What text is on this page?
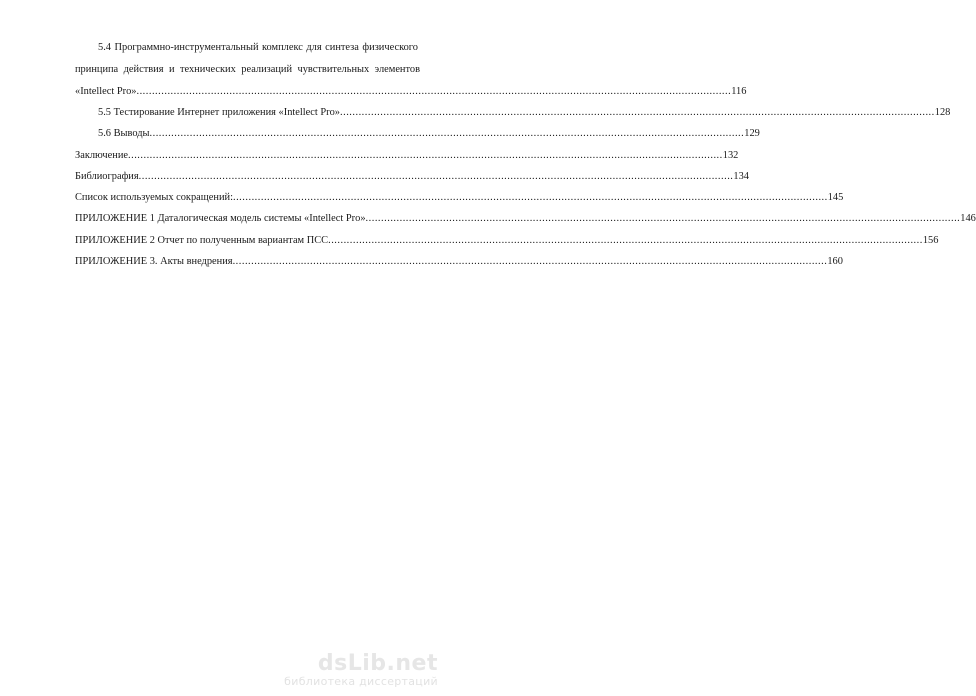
5.4 Программно-инструментальный комплекс для синтеза физического
принципа действия и технических реализаций чувствительных элементов
«Intellect Pro» .....	116
5.5 Тестирование Интернет приложения «Intellect Pro» .....	128
5.6 Выводы .....	129
Заключение .....	132
Библиография .....	134
Список используемых сокращений: .....	145
ПРИЛОЖЕНИЕ 1 Даталогическая модель системы «Intellect Pro» .....	146
ПРИЛОЖЕНИЕ 2 Отчет по полученным вариантам ПСС .....	156
ПРИЛОЖЕНИЕ 3. Акты внедрения .....	160
dsLib.net
библиотека диссертаций
